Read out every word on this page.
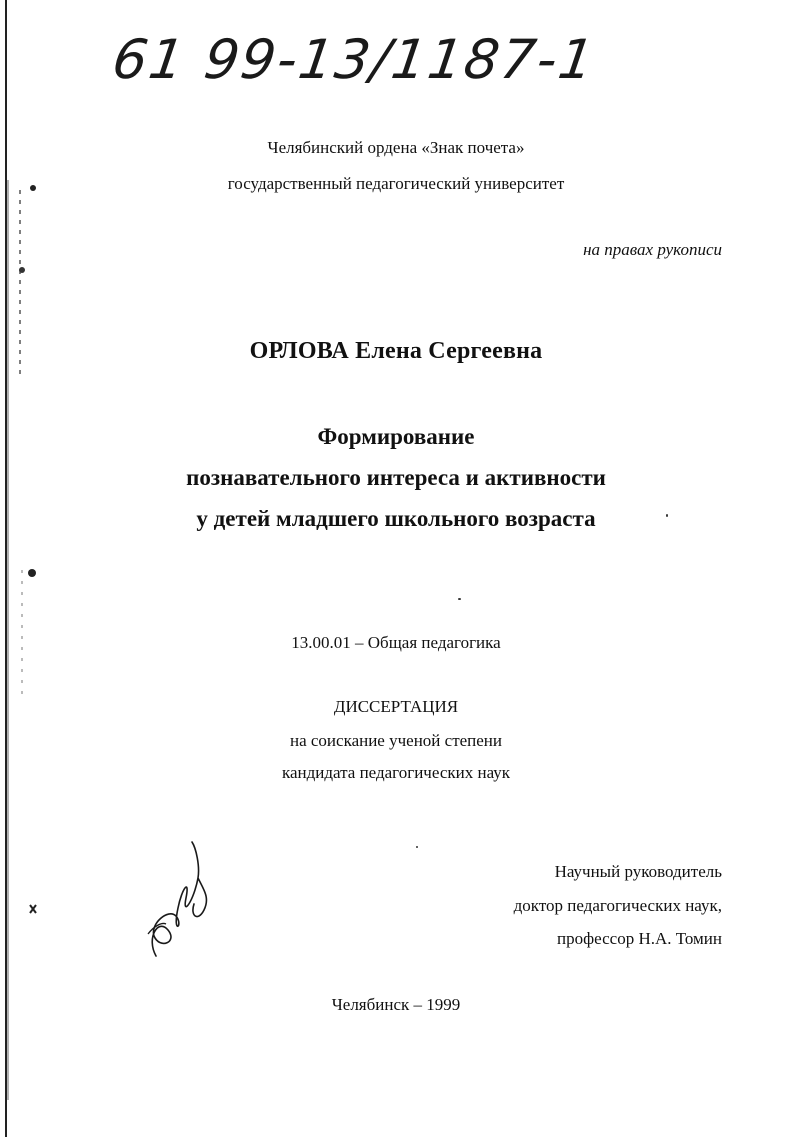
61 99-13/1187-1
Челябинский ордена «Знак почета»
государственный педагогический университет
на правах рукописи
ОРЛОВА Елена Сергеевна
Формирование
познавательного интереса и активности
у детей младшего школьного возраста
13.00.01 – Общая педагогика
ДИССЕРТАЦИЯ
на соискание ученой степени
кандидата педагогических наук
Научный руководитель
доктор педагогических наук,
профессор Н.А. Томин
Челябинск – 1999
